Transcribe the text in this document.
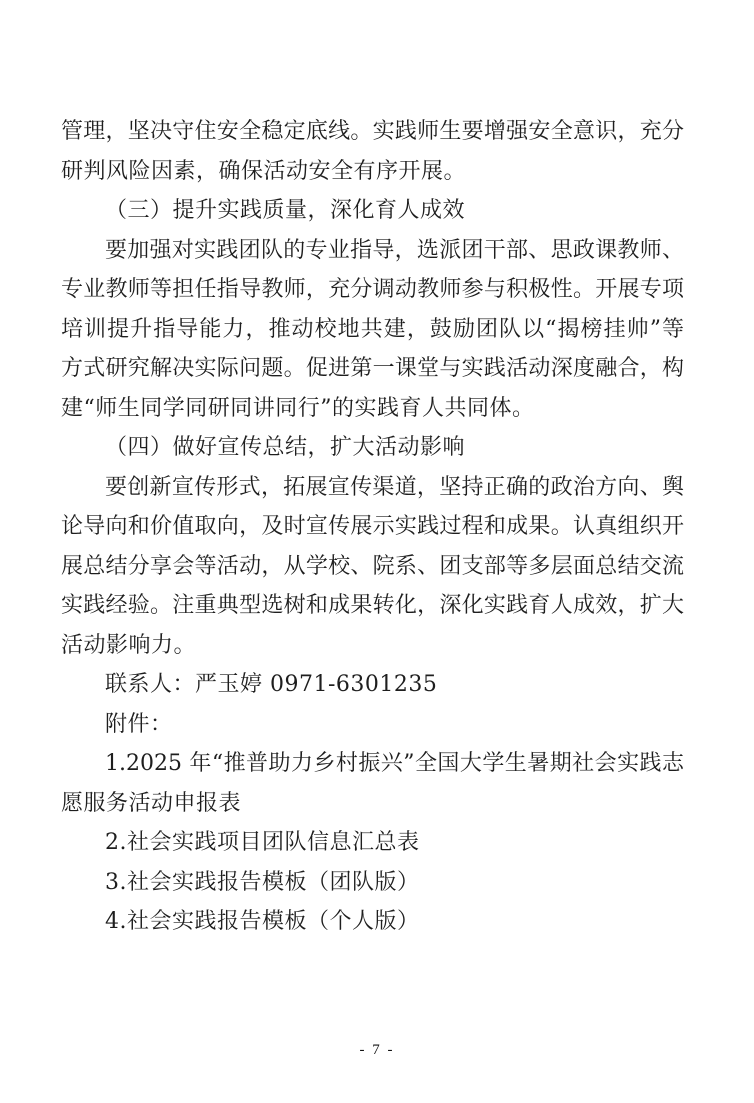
管理，坚决守住安全稳定底线。实践师生要增强安全意识，充分
研判风险因素，确保活动安全有序开展。
（三）提升实践质量，深化育人成效
要加强对实践团队的专业指导，选派团干部、思政课教师、
专业教师等担任指导教师，充分调动教师参与积极性。开展专项
培训提升指导能力，推动校地共建，鼓励团队以“揭榜挂帅”等
方式研究解决实际问题。促进第一课堂与实践活动深度融合，构
建“师生同学同研同讲同行”的实践育人共同体。
（四）做好宣传总结，扩大活动影响
要创新宣传形式，拓展宣传渠道，坚持正确的政治方向、舆
论导向和价值取向，及时宣传展示实践过程和成果。认真组织开
展总结分享会等活动，从学校、院系、团支部等多层面总结交流
实践经验。注重典型选树和成果转化，深化实践育人成效，扩大
活动影响力。
联系人：严玉婷 0971-6301235
附件：
1.2025 年“推普助力乡村振兴”全国大学生暑期社会实践志
愿服务活动申报表
2.社会实践项目团队信息汇总表
3.社会实践报告模板（团队版）
4.社会实践报告模板（个人版）
- 7 -
